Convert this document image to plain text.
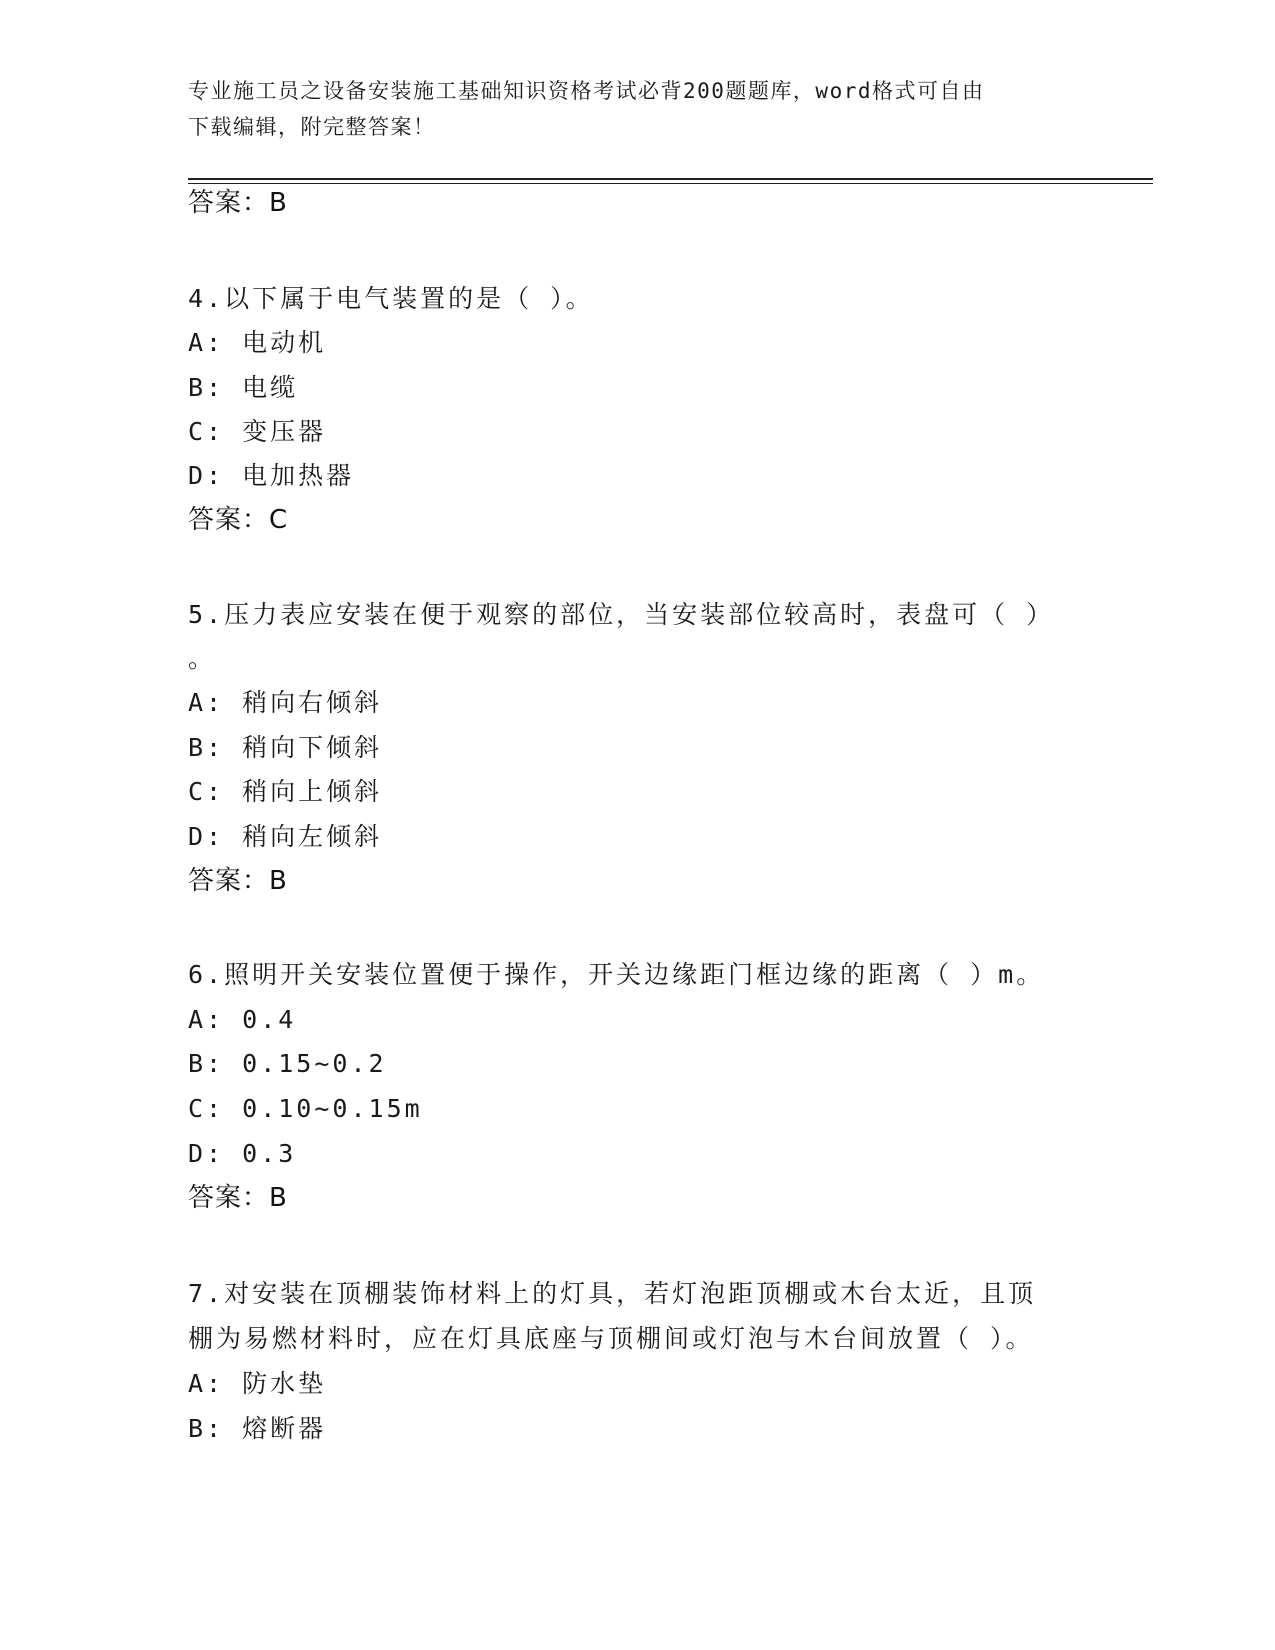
专业施工员之设备安装施工基础知识资格考试必背200题题库，word格式可自由
下载编辑，附完整答案！
答案：B
4.以下属于电气装置的是（ ）。
A: 电动机
B: 电缆
C: 变压器
D: 电加热器
答案：C
5.压力表应安装在便于观察的部位，当安装部位较高时，表盘可（ ）
。
A: 稍向右倾斜
B: 稍向下倾斜
C: 稍向上倾斜
D: 稍向左倾斜
答案：B
6.照明开关安装位置便于操作，开关边缘距门框边缘的距离（ ）m。
A: 0.4
B: 0.15~0.2
C: 0.10~0.15m
D: 0.3
答案：B
7.对安装在顶棚装饰材料上的灯具，若灯泡距顶棚或木台太近，且顶
棚为易燃材料时，应在灯具底座与顶棚间或灯泡与木台间放置（ ）。
A: 防水垫
B: 熔断器
